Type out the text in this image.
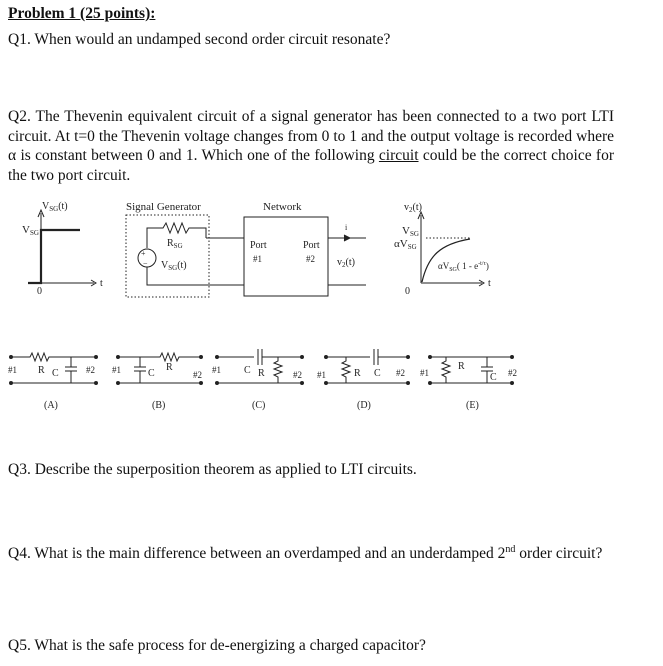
Problem 1 (25 points):
Q1. When would an undamped second order circuit resonate?
Q2. The Thevenin equivalent circuit of a signal generator has been connected to a two port LTI circuit. At t=0 the Thevenin voltage changes from 0 to 1 and the output voltage is recorded where α is constant between 0 and 1. Which one of the following circuit could be the correct choice for the two port circuit.
Q3. Describe the superposition theorem as applied to LTI circuits.
Q4. What is the main difference between an overdamped and an underdamped 2nd order circuit?
Q5. What is the safe process for de-energizing a charged capacitor?
$V_{SG}(t)$
VSG
0
t
Signal Generator
+
−
$R_{SG}$
$V_{SG}(t)$
Network
Port
#1
Port
#2
i
$v_2(t)$
$v_2(t)$
VSG
αVSG
$\alpha V_{SG}$( $1 - e^{-t/\tau}$)
0
t
#1 R C	#2
(A)
#1	C
R
#2
(B)
#1 C R	#2
(C)
#1	R C #2
(D)
#1
R
C #2
(E)
